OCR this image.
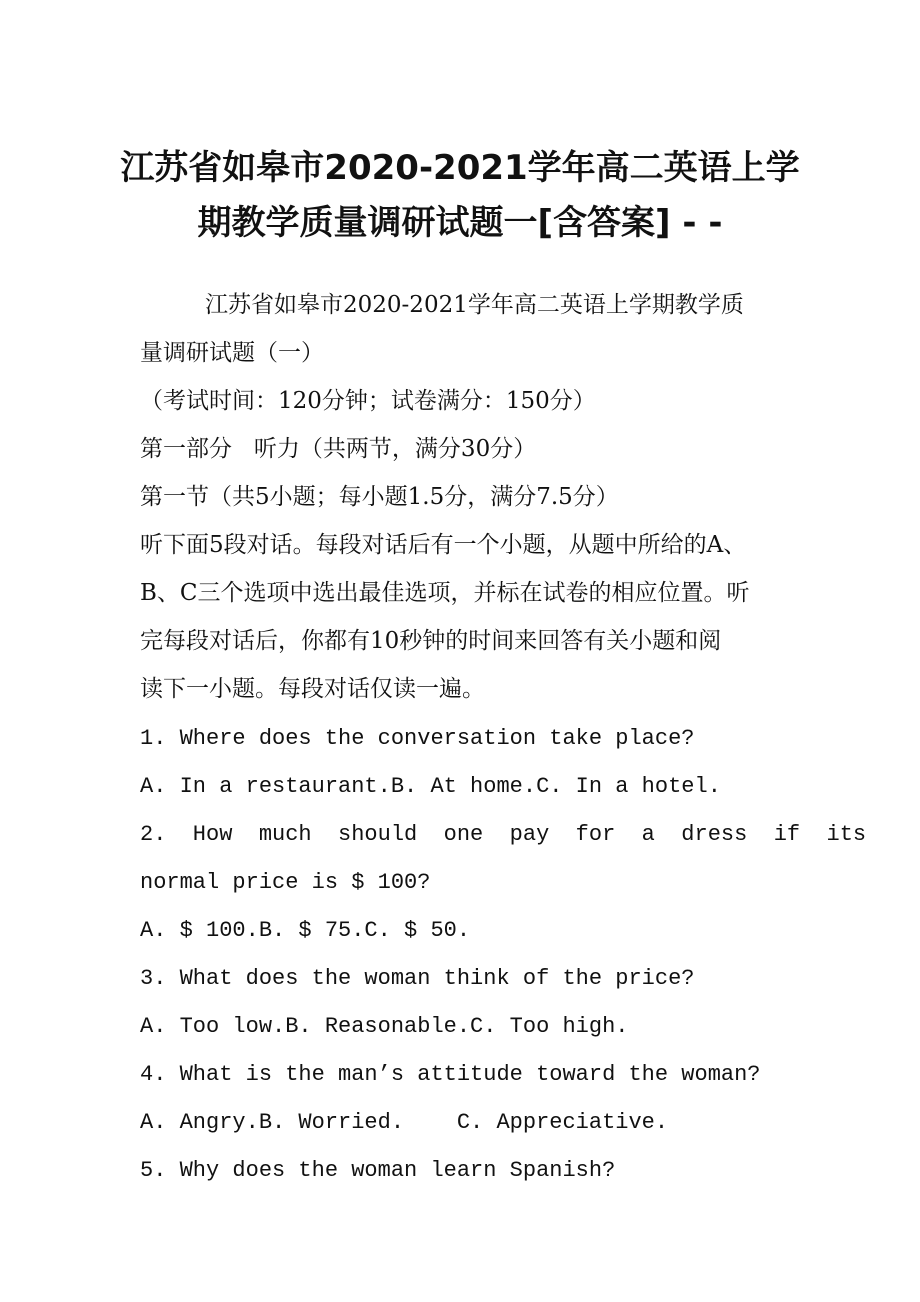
江苏省如皋市2020-2021学年高二英语上学
期教学质量调研试题一[含答案] - -
江苏省如皋市2020-2021学年高二英语上学期教学质
量调研试题（一）
（考试时间：120分钟；试卷满分：150分）
第一部分   听力（共两节，满分30分）
第一节（共5小题；每小题1.5分，满分7.5分）
听下面5段对话。每段对话后有一个小题，从题中所给的A、
B、C三个选项中选出最佳选项，并标在试卷的相应位置。听
完每段对话后，你都有10秒钟的时间来回答有关小题和阅
读下一小题。每段对话仅读一遍。
1. Where does the conversation take place?
A. In a restaurant.B. At home.C. In a hotel.
2.  How  much  should  one  pay  for  a  dress  if  its
normal price is $ 100?
A. $ 100.B. $ 75.C. $ 50.
3. What does the woman think of the price?
A. Too low.B. Reasonable.C. Too high.
4. What is the man’s attitude toward the woman?
A. Angry.B. Worried.    C. Appreciative.
5. Why does the woman learn Spanish?
